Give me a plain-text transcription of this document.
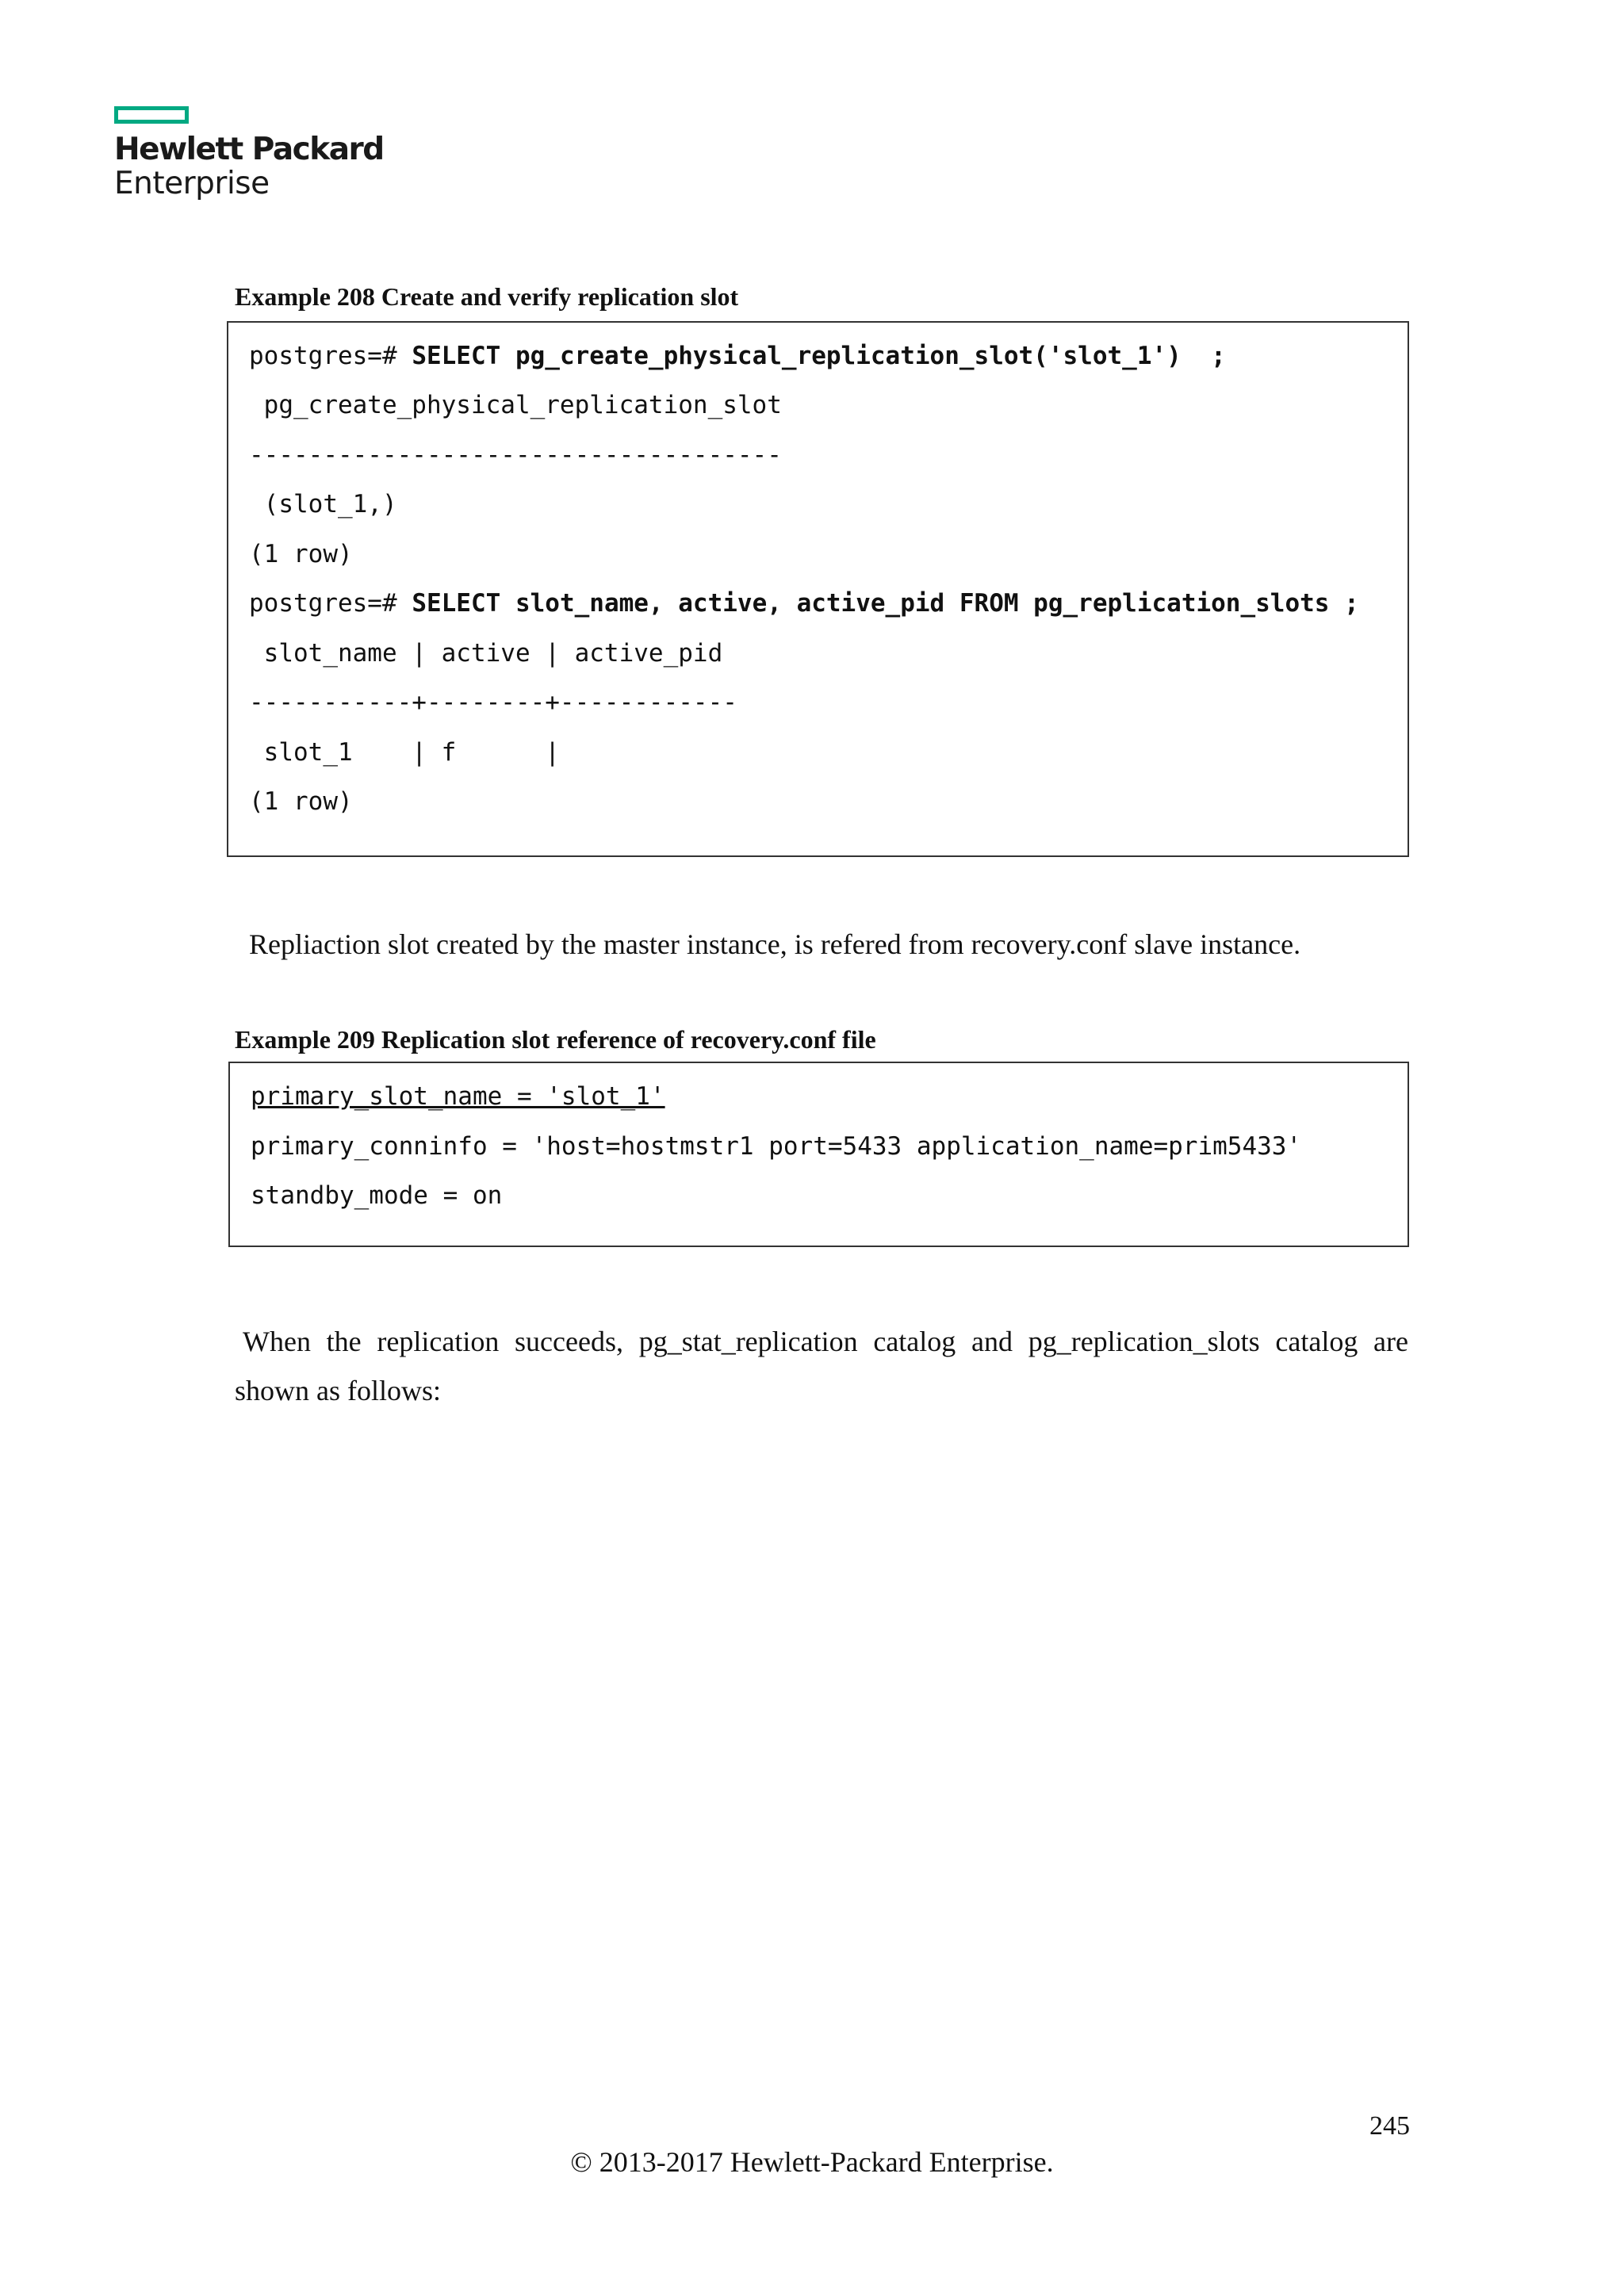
Hewlett Packard
Enterprise
Example 208 Create and verify replication slot
postgres=# SELECT pg_create_physical_replication_slot('slot_1')  ;
pg_create_physical_replication_slot
------------------------------------
(slot_1,)
(1 row)
postgres=# SELECT slot_name, active, active_pid FROM pg_replication_slots ;
slot_name | active | active_pid
-----------+--------+------------
slot_1    | f      |
(1 row)
Repliaction slot created by the master instance, is refered from recovery.conf slave instance.
Example 209 Replication slot reference of recovery.conf file
primary_slot_name = 'slot_1'
primary_conninfo = 'host=hostmstr1 port=5433 application_name=prim5433'
standby_mode = on
When the replication succeeds, pg_stat_replication catalog and pg_replication_slots catalog are shown as follows:
245
© 2013-2017 Hewlett-Packard Enterprise.
